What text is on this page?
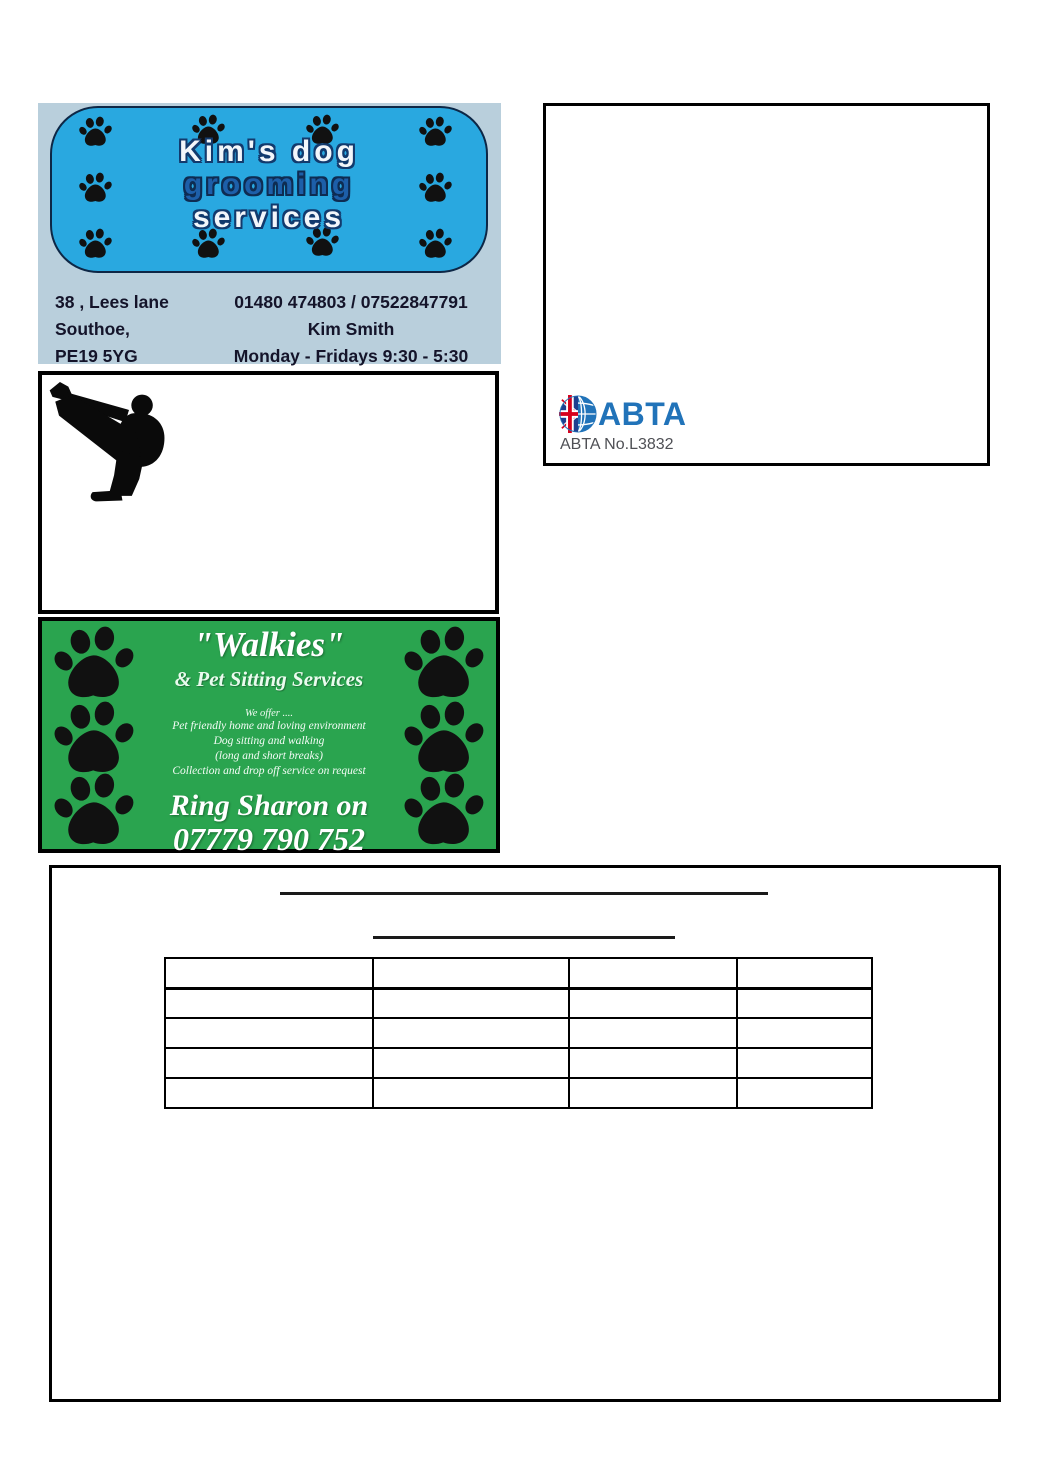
Kim's dog
grooming
services
38 , Lees lane
Southoe,
PE19 5YG
01480 474803 / 07522847791
Kim Smith
Monday - Fridays 9:30 - 5:30
ABTA
ABTA No.L3832
"Walkies"
& Pet Sitting Services
We offer ....
Pet friendly home and loving environment
Dog sitting and walking
(long and short breaks)
Collection and drop off service on request
Ring Sharon on
07779 790 752
